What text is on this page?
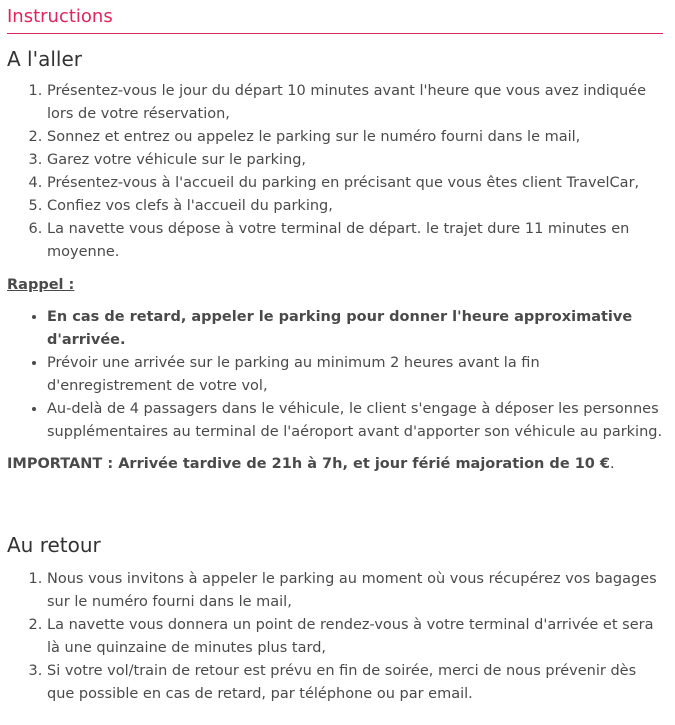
Instructions
A l'aller
1. Présentez-vous le jour du départ 10 minutes avant l'heure que vous avez indiquée lors de votre réservation,
2. Sonnez et entrez ou appelez le parking sur le numéro fourni dans le mail,
3. Garez votre véhicule sur le parking,
4. Présentez-vous à l'accueil du parking en précisant que vous êtes client TravelCar,
5. Confiez vos clefs à l'accueil du parking,
6. La navette vous dépose à votre terminal de départ. le trajet dure 11 minutes en moyenne.
Rappel :
• En cas de retard, appeler le parking pour donner l'heure approximative d'arrivée.
• Prévoir une arrivée sur le parking au minimum 2 heures avant la fin d'enregistrement de votre vol,
• Au-delà de 4 passagers dans le véhicule, le client s'engage à déposer les personnes supplémentaires au terminal de l'aéroport avant d'apporter son véhicule au parking.
IMPORTANT : Arrivée tardive de 21h à 7h, et jour férié majoration de 10 €.
Au retour
1. Nous vous invitons à appeler le parking au moment où vous récupérez vos bagages sur le numéro fourni dans le mail,
2. La navette vous donnera un point de rendez-vous à votre terminal d'arrivée et sera là une quinzaine de minutes plus tard,
3. Si votre vol/train de retour est prévu en fin de soirée, merci de nous prévenir dès que possible en cas de retard, par téléphone ou par email.
